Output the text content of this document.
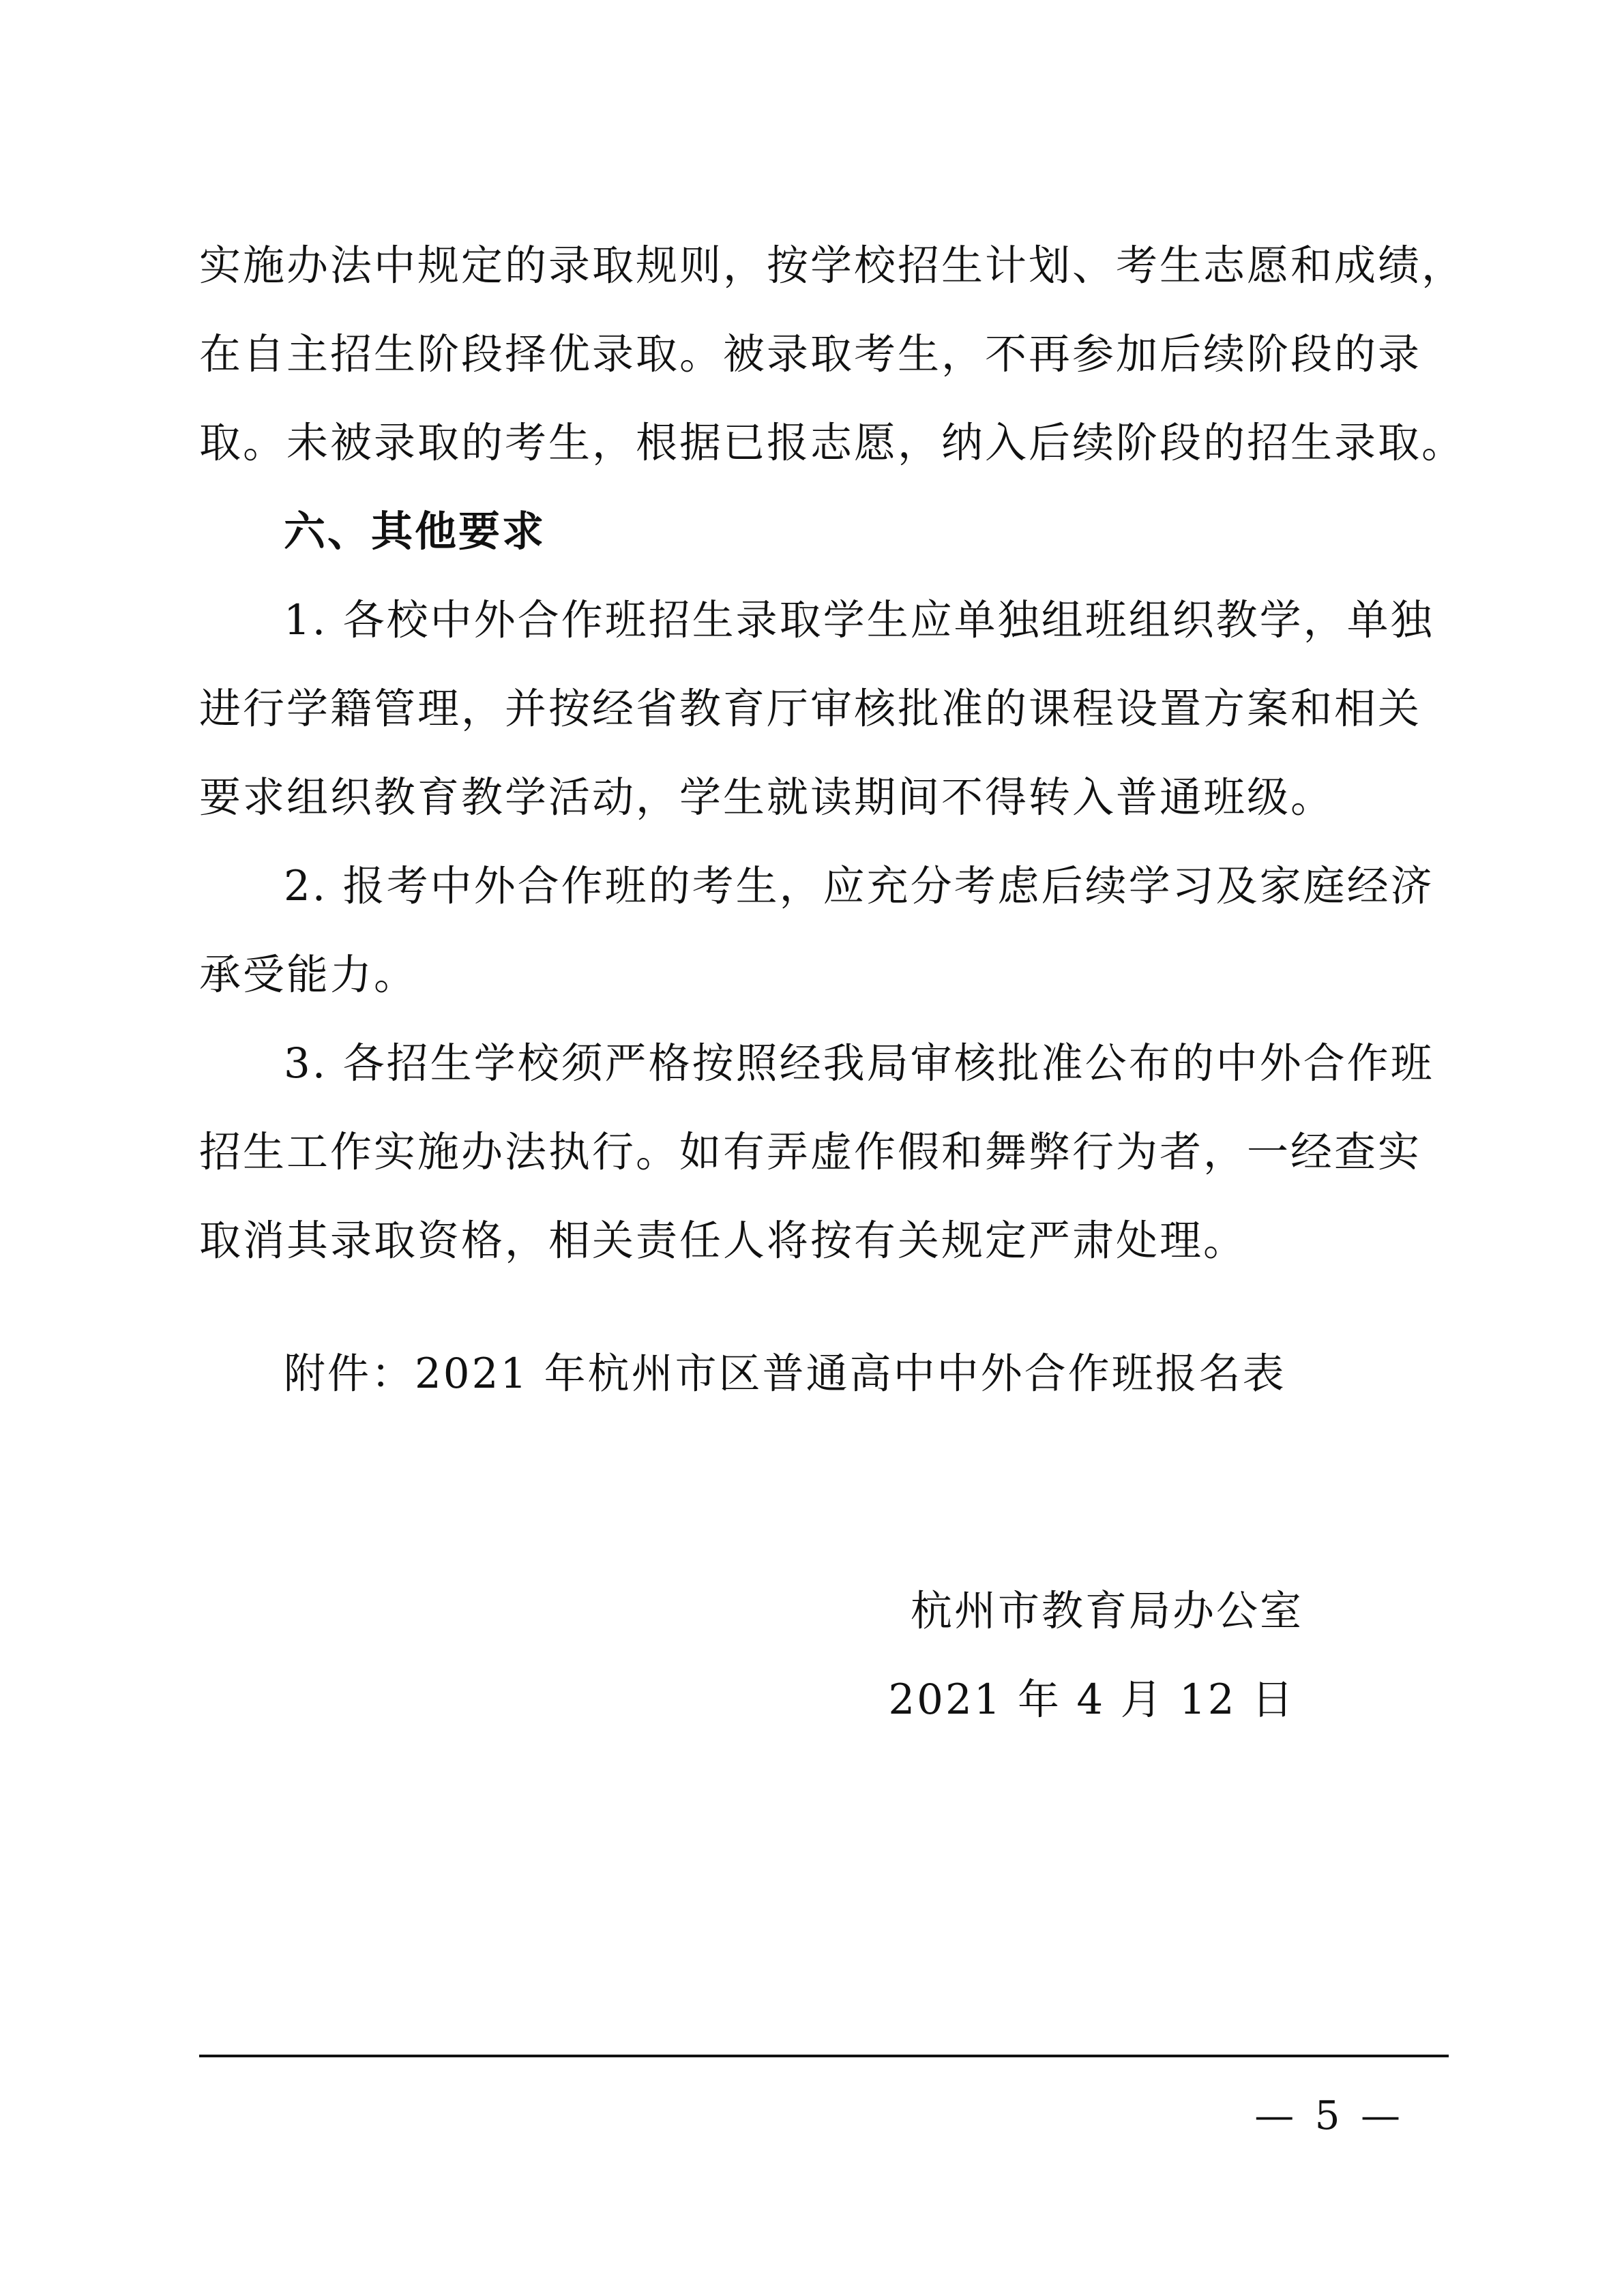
实施办法中规定的录取规则，按学校招生计划、考生志愿和成绩，
在自主招生阶段择优录取。被录取考生，不再参加后续阶段的录
取。未被录取的考生，根据已报志愿，纳入后续阶段的招生录取。
六、其他要求
1. 各校中外合作班招生录取学生应单独组班组织教学，单独
进行学籍管理，并按经省教育厅审核批准的课程设置方案和相关
要求组织教育教学活动，学生就读期间不得转入普通班级。
2. 报考中外合作班的考生，应充分考虑后续学习及家庭经济
承受能力。
3. 各招生学校须严格按照经我局审核批准公布的中外合作班
招生工作实施办法执行。如有弄虚作假和舞弊行为者，一经查实
取消其录取资格，相关责任人将按有关规定严肃处理。
附件：2021 年杭州市区普通高中中外合作班报名表
杭州市教育局办公室
2021 年 4 月 12 日
— 5 —
